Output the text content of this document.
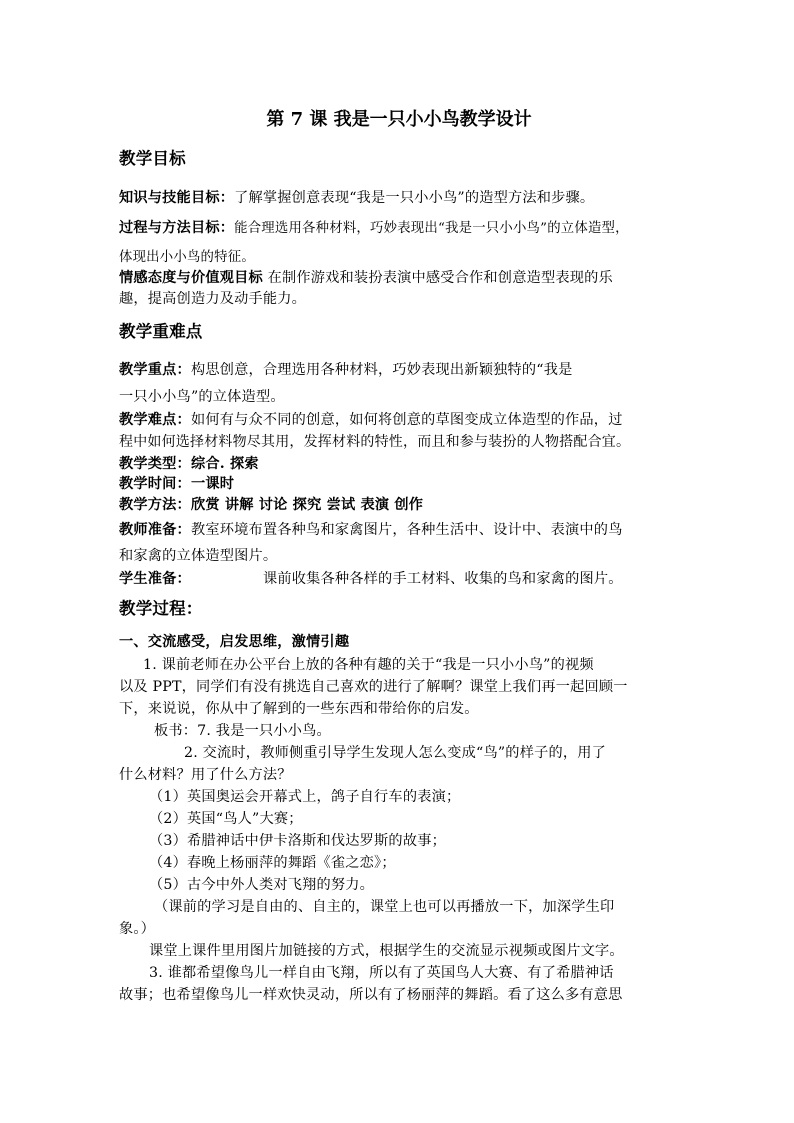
第 7 课 我是一只小小鸟教学设计
教学目标
知识与技能目标：了解掌握创意表现“我是一只小小鸟”的造型方法和步骤。
过程与方法目标：能合理选用各种材料，巧妙表现出“我是一只小小鸟”的立体造型，
体现出小小鸟的特征。
情感态度与价值观目标 在制作游戏和装扮表演中感受合作和创意造型表现的乐
趣，提高创造力及动手能力。
教学重难点
教学重点：构思创意，合理选用各种材料，巧妙表现出新颖独特的“我是
一只小小鸟”的立体造型。
教学难点：如何有与众不同的创意，如何将创意的草图变成立体造型的作品，过
程中如何选择材料物尽其用，发挥材料的特性，而且和参与装扮的人物搭配合宜。
教学类型：综合. 探索
教学时间：一课时
教学方法：欣赏 讲解 讨论 探究 尝试 表演 创作
教师准备：教室环境布置各种鸟和家禽图片，各种生活中、设计中、表演中的鸟
和家禽的立体造型图片。
学生准备：	课前收集各种各样的手工材料、收集的鸟和家禽的图片。
教学过程：
一、交流感受，启发思维，激情引趣
1. 课前老师在办公平台上放的各种有趣的关于“我是一只小小鸟”的视频
以及 PPT，同学们有没有挑选自己喜欢的进行了解啊？课堂上我们再一起回顾一
下，来说说，你从中了解到的一些东西和带给你的启发。
板书：7. 我是一只小小鸟。
2. 交流时，教师侧重引导学生发现人怎么变成“鸟”的样子的，用了
什么材料？用了什么方法？
（1）英国奥运会开幕式上，鸽子自行车的表演；
（2）英国“鸟人”大赛；
（3）希腊神话中伊卡洛斯和伐达罗斯的故事；
（4）春晚上杨丽萍的舞蹈《雀之恋》；
（5）古今中外人类对飞翔的努力。
（课前的学习是自由的、自主的，课堂上也可以再播放一下，加深学生印
象。）
课堂上课件里用图片加链接的方式，根据学生的交流显示视频或图片文字。
3. 谁都希望像鸟儿一样自由飞翔，所以有了英国鸟人大赛、有了希腊神话
故事；也希望像鸟儿一样欢快灵动，所以有了杨丽萍的舞蹈。看了这么多有意思
